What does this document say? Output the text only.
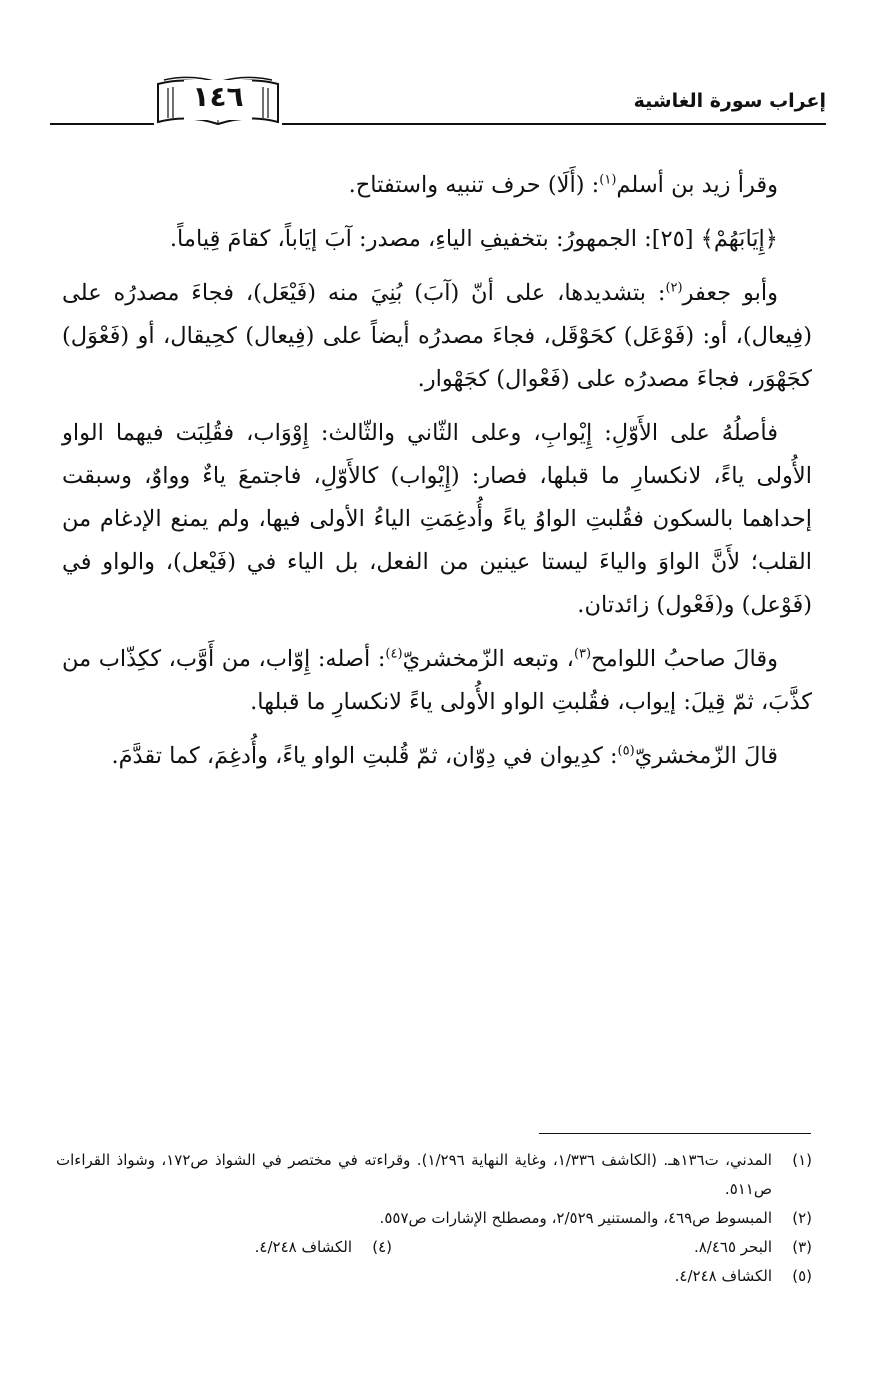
إعراب سورة الغاشية
١٤٦

وقرأ زيد بن أسلم$^{(١)}$: (أَلَا) حرف تنبيه واستفتاح.

﴿إِيَابَهُمْ﴾ [٢٥]: الجمهورُ: بتخفيفِ الياءِ، مصدر: آبَ إيَاباً، كقامَ قِياماً.

وأبو جعفر$^{(٢)}$: بتشديدها، على أنّ (آبَ) بُنِيَ منه (فَيْعَل)، فجاءَ مصدرُه على (فِيعال)، أو: (فَوْعَل) كحَوْقَل، فجاءَ مصدرُه أيضاً على (فِيعال) كحِيقال، أو (فَعْوَل) كجَهْوَر، فجاءَ مصدرُه على (فَعْوال) كجَهْوار.

فأصلُهُ على الأَوّلِ: إِيْوابِ، وعلى الثّاني والثّالث: إِوْوَاب، فقُلِبَت فيهما الواو الأُولى ياءً، لانكسارِ ما قبلها، فصار: (إِيْواب) كالأَوّلِ، فاجتمعَ ياءٌ وواوٌ، وسبقت إحداهما بالسكون فقُلبتِ الواوُ ياءً وأُدغِمَتِ الياءُ الأولى فيها، ولم يمنع الإدغام من القلب؛ لأَنَّ الواوَ والياءَ ليستا عينين من الفعل، بل الياء في (فَيْعل)، والواو في (فَوْعل) و(فَعْول) زائدتان.

وقالَ صاحبُ اللوامح$^{(٣)}$، وتبعه الزّمخشريّ$^{(٤)}$: أصله: إِوّاب، من أَوَّب، ككِذّاب من كذَّبَ، ثمّ قِيلَ: إيواب، فقُلبتِ الواو الأُولى ياءً لانكسارِ ما قبلها.

قالَ الزّمخشريّ$^{(٥)}$: كدِيوان في دِوّان، ثمّ قُلبتِ الواو ياءً، وأُدغِمَ، كما تقدَّمَ.

(١)
المدني، ت١٣٦هـ. (الكاشف ١/٣٣٦، وغاية النهاية ١/٢٩٦). وقراءته في مختصر في الشواذ ص١٧٢، وشواذ القراءات ص٥١١.
(٢)
المبسوط ص٤٦٩، والمستنير ٢/٥٢٩، ومصطلح الإشارات ص٥٥٧.
(٣)
البحر ٨/٤٦٥.
(٤)
الكشاف ٤/٢٤٨.
(٥)
الكشاف ٤/٢٤٨.
